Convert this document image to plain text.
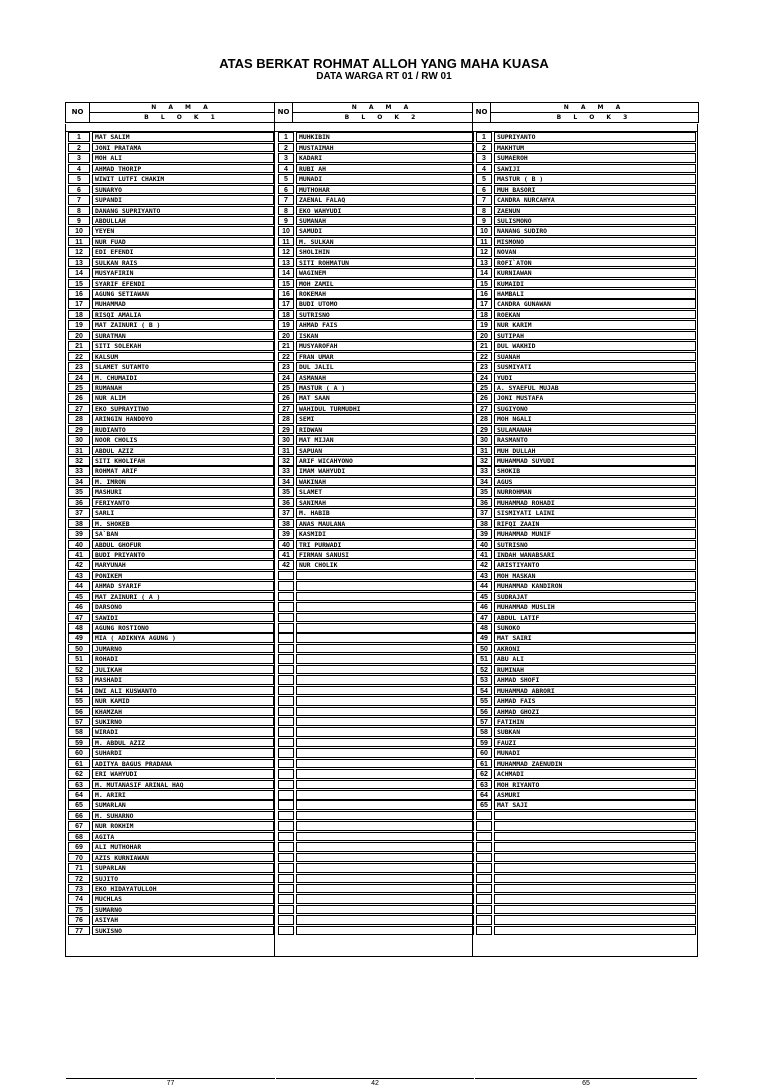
ATAS BERKAT ROHMAT ALLOH YANG MAHA KUASA
DATA WARGA RT 01 / RW 01
NO	N A M A	NO	N A M A	NO	N A M A
	B L O K 1		B L O K 2		B L O K 3
1	MAT SALIM
2	JONI PRATAMA
3	MOH ALI
4	AHMAD THORIP
5	WIWIT LUTFI CHAKIM
6	SUNARYO
7	SUPANDI
8	DANANG SUPRIYANTO
9	ABDULLAH
10	YEYEN
11	NUR FUAD
12	EDI EFENDI
13	SULKAN RAIS
14	MUSYAFIRIN
15	SYARIF EFENDI
16	AGUNG SETIAWAN
17	MUHAMMAD
18	RISQI AMALIA
19	MAT ZAINURI ( B )
20	SURATMAN
21	SITI SOLEKAH
22	KALSUM
23	SLAMET SUTAMTO
24	M. CHUMAIDI
25	RUMANAH
26	NUR ALIM
27	EKO SUPRAYITNO
28	ARINGIN HANDOYO
29	RUDIANTO
30	NOOR CHOLIS
31	ABDUL AZIZ
32	SITI KHOLIFAH
33	ROHMAT ARIF
34	M. IMRON
35	MASHURI
36	FERIYANTO
37	SARLI
38	M. SHOKEB
39	SA`BAN
40	ABDUL GHOFUR
41	BUDI PRIYANTO
42	MARYUNAH
43	PONIKEM
44	AHMAD SYARIF
45	MAT ZAINURI ( A )
46	DARSONO
47	SAWIDI
48	AGUNG ROSTIONO
49	MIA ( ADIKNYA AGUNG )
50	JUMARNO
51	ROHADI
52	JULIKAH
53	MASHADI
54	DWI ALI KUSWANTO
55	NUR KAMID
56	KHAMZAH
57	SUKIRNO
58	WIRADI
59	M. ABDUL AZIZ
60	SUHARDI
61	ADITYA BAGUS PRADANA
62	ERI WAHYUDI
63	M. MUTANASIF ARINAL HAQ
64	M. ARIRI
65	SUMARLAN
66	M. SUHARNO
67	NUR ROKHIM
68	AGITA
69	ALI MUTHOHAR
70	AZIS KURNIAWAN
71	SUPARLAN
72	SUJITO
73	EKO HIDAYATULLOH
74	MUCHLAS
75	SUMARNO
76	ASIYAH
77	SUKISNO
1	MUHKIBIN
2	MUSTAIMAH
3	KADARI
4	RUBI AH
5	MUNADI
6	MUTHOHAR
7	ZAENAL FALAQ
8	EKO WAHYUDI
9	SUMANAH
10	SAMUDI
11	M. SULKAN
12	SHOLIHIN
13	SITI ROHMATUN
14	WAGINEM
15	MOH ZAMIL
16	ROKEMAH
17	BUDI UTOMO
18	SUTRISNO
19	AHMAD FAIS
20	ISKAN
21	MUSYAROFAH
22	FRAN UMAR
23	DUL JALIL
24	ASMANAH
25	MASTUR ( A )
26	MAT SAAN
27	WAHIDUL TURMUDHI
28	SEMI
29	RIDWAN
30	MAT MIJAN
31	SAPUAN
32	ARIF WICAHYONO
33	IMAM WAHYUDI
34	WAKINAH
35	SLAMET
36	SANIMAH
37	M. HABIB
38	ANAS MAULANA
39	KASMIDI
40	TRI PURWADI
41	FIRMAN SANUSI
42	NUR CHOLIK
1	SUPRIYANTO
2	MAKHTUM
3	SUMAEROH
4	SAWIJI
5	MASTUR ( B )
6	MUH BASORI
7	CANDRA NURCAHYA
8	ZAENUN
9	SULISMONO
10	NANANG SUDIRO
11	MISMONO
12	NOVAN
13	ROFI`ATON
14	KURNIAWAN
15	KUMAIDI
16	HAMBALI
17	CANDRA GUNAWAN
18	ROEKAN
19	NUR KARIM
20	SUTIPAH
21	DUL WAKHID
22	SUANAH
23	SUSMIYATI
24	YUDI
25	A. SYAEFUL MUJAB
26	JONI MUSTAFA
27	SUGIYONO
28	MOH NGALI
29	SULAMANAH
30	RASMANTO
31	MUH DULLAH
32	MUHAMMAD SUYUDI
33	SHOKIB
34	AGUS
35	NURROHMAN
36	MUHAMMAD ROHADI
37	SISMIYATI LAINI
38	RIFQI ZAAIN
39	MUHAMMAD MUNIF
40	SUTRISNO
41	INDAH WANABSARI
42	ARISTIYANTO
43	MOH MASKAN
44	MUHAMMAD KANDIRON
45	SUDRAJAT
46	MUHAMMAD MUSLIH
47	ABDUL LATIF
48	SUNOKO
49	MAT SAIRI
50	AKRONI
51	ABU ALI
52	RUMINAH
53	AHMAD SHOFI
54	MUHAMMAD ABRORI
55	AHMAD FAIS
56	AHMAD GHOZI
57	FATIHIN
58	SUBKAN
59	FAUZI
60	MUNADI
61	MUHAMMAD ZAENUDIN
62	ACHMADI
63	MOH RIYANTO
64	ASMURI
65	MAT SAJI
77	42	65
